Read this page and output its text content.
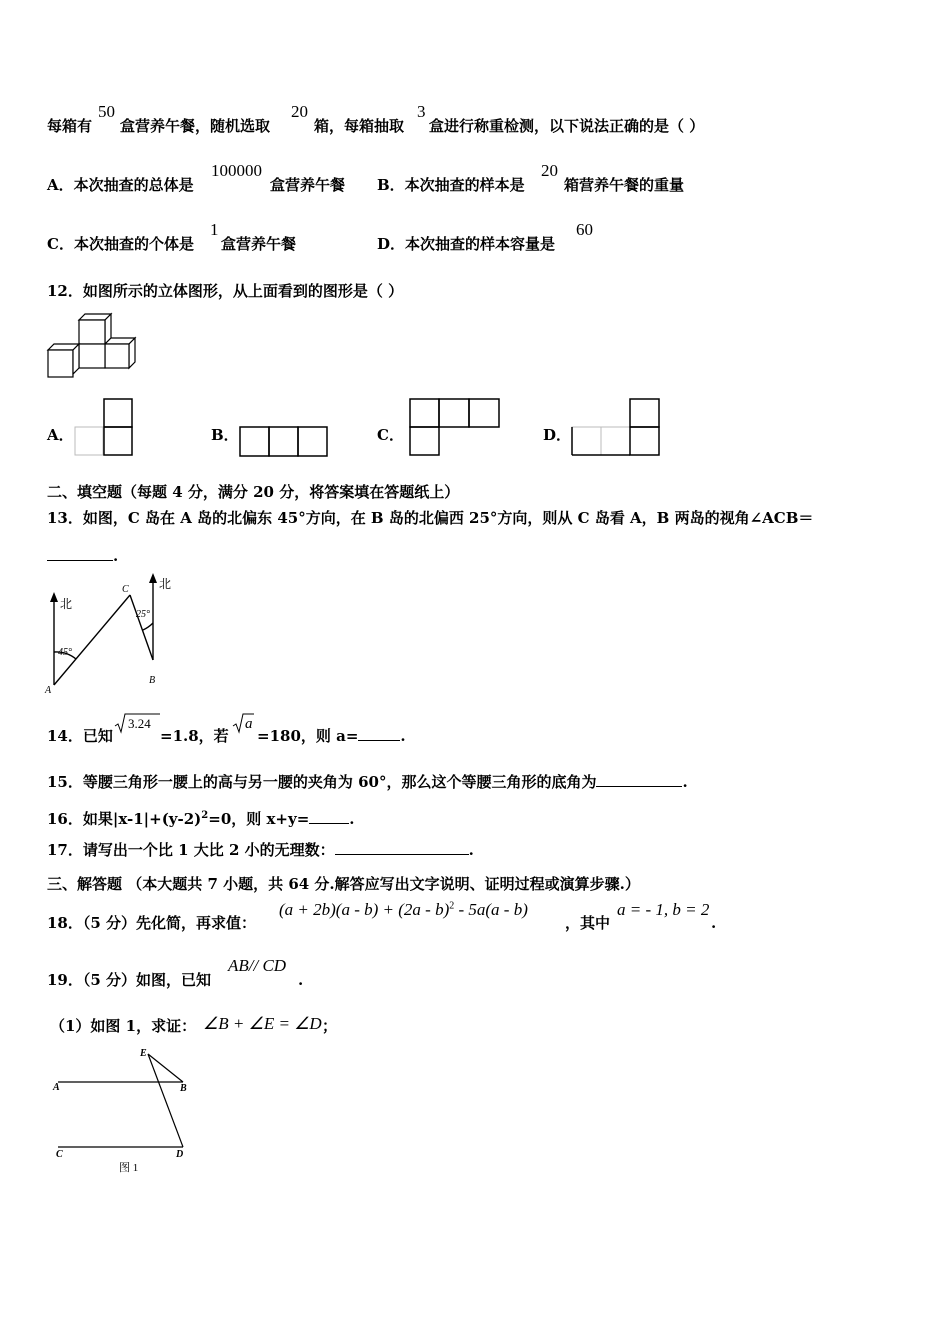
每箱有
50
盒营养午餐，随机选取
20
箱，每箱抽取
3
盒进行称重检测，以下说法正确的是（ ）
A．本次抽查的总体是
100000
盒营养午餐 B．本次抽查的样本是
20
箱营养午餐的重量
C．本次抽查的个体是
1
盒营养午餐	D．本次抽查的样本容量是
60
12．如图所示的立体图形，从上面看到的图形是（ ）
A．	B．	C．	D．
二、填空题（每题 4 分，满分 20 分，将答案填在答题纸上）
13．如图，C 岛在 A 岛的北偏东 45°方向，在 B 岛的北偏西 25°方向，则从 C 岛看 A，B 两岛的视角∠ACB＝
.
北
北
45°
25°
A
B
C
14．已知
3.24
=1.8，若
a
=180，则 a=	.
15．等腰三角形一腰上的高与另一腰的夹角为 60°，那么这个等腰三角形的底角为	.
16．如果$|x-1|+(y-2)^2=0$，则 x+y=	.
17．请写出一个比 1 大比 2 小的无理数：	.
三、解答题 （本大题共 7 小题，共 64 分.解答应写出文字说明、证明过程或演算步骤.）
18．（5 分）先化简，再求值：
(a + 2b)(a - b) + (2a - b)$^2$ - 5a(a - b)
，其中
a = - 1, b = 2
.
19．（5 分）如图，已知
AB// CD
.
（1）如图 1，求证： ∠B + ∠E = ∠D ；
E
A	B
C	D
图 1
